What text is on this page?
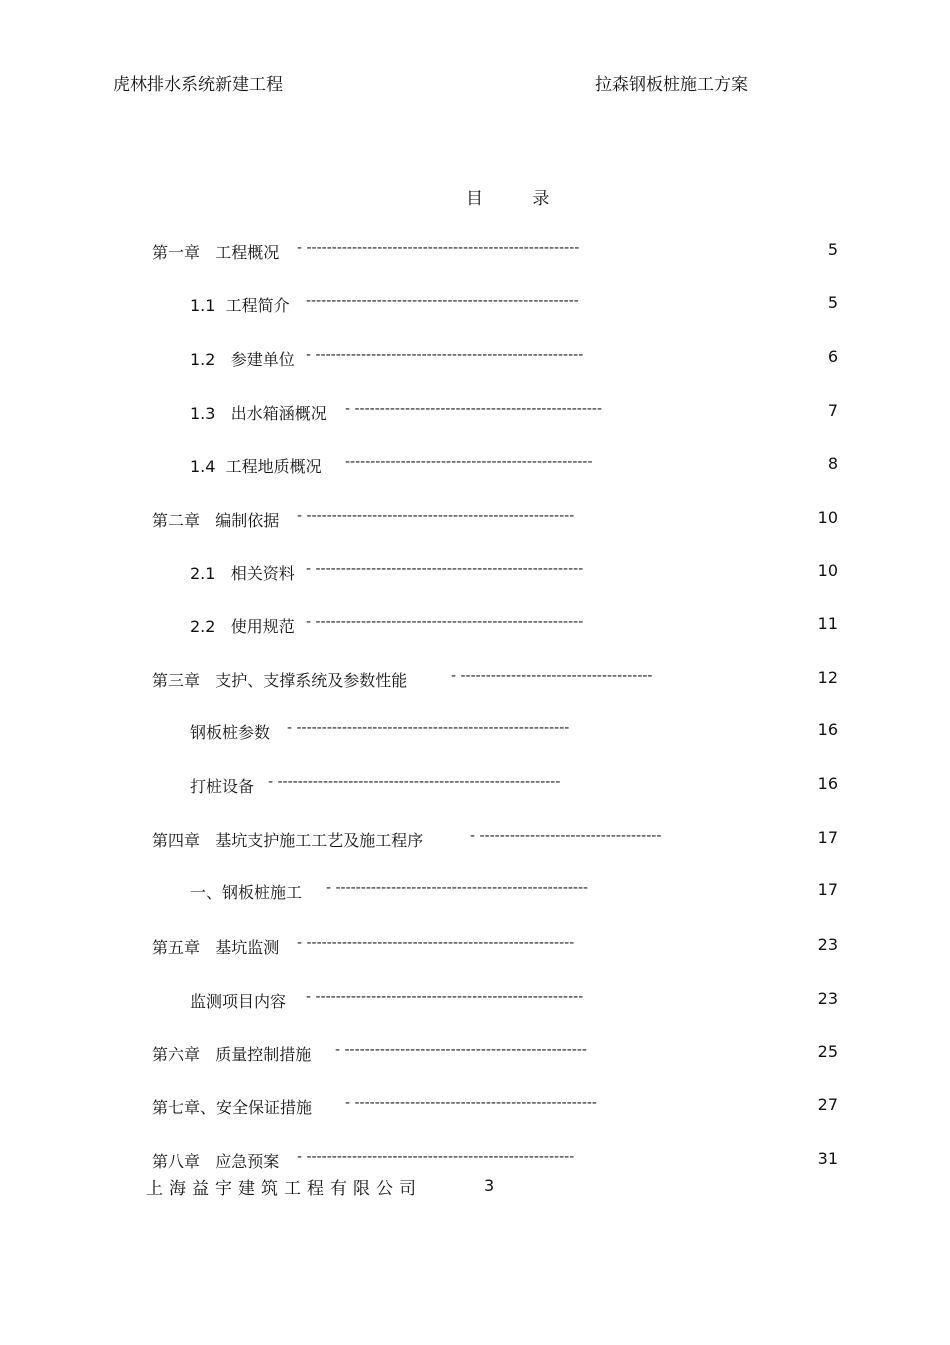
虎林排水系统新建工程	拉森钢板桩施工方案
目 录
第一章   工程概况 - ------------------------------------------------------	5
1.1  工程简介 ------------------------------------------------------	5
1.2   参建单位 - -----------------------------------------------------	6
1.3   出水箱涵概况 - -------------------------------------------------	7
1.4  工程地质概况 -------------------------------------------------	8
第二章   编制依据 - -----------------------------------------------------	10
2.1   相关资料 - -----------------------------------------------------	10
2.2   使用规范 - -----------------------------------------------------	11
第三章   支护、支撑系统及参数性能	- --------------------------------------	12
钢板桩参数 - ------------------------------------------------------	16
打桩设备 - --------------------------------------------------------	16
第四章   基坑支护施工工艺及施工程序	- ------------------------------------	17
一、钢板桩施工 - --------------------------------------------------	17
第五章   基坑监测 - -----------------------------------------------------	23
监测项目内容 - -----------------------------------------------------	23
第六章   质量控制措施 - ------------------------------------------------	25
第七章、安全保证措施 - ------------------------------------------------	27
第八章   应急预案 - -----------------------------------------------------	31
上海益宇建筑工程有限公司	3
